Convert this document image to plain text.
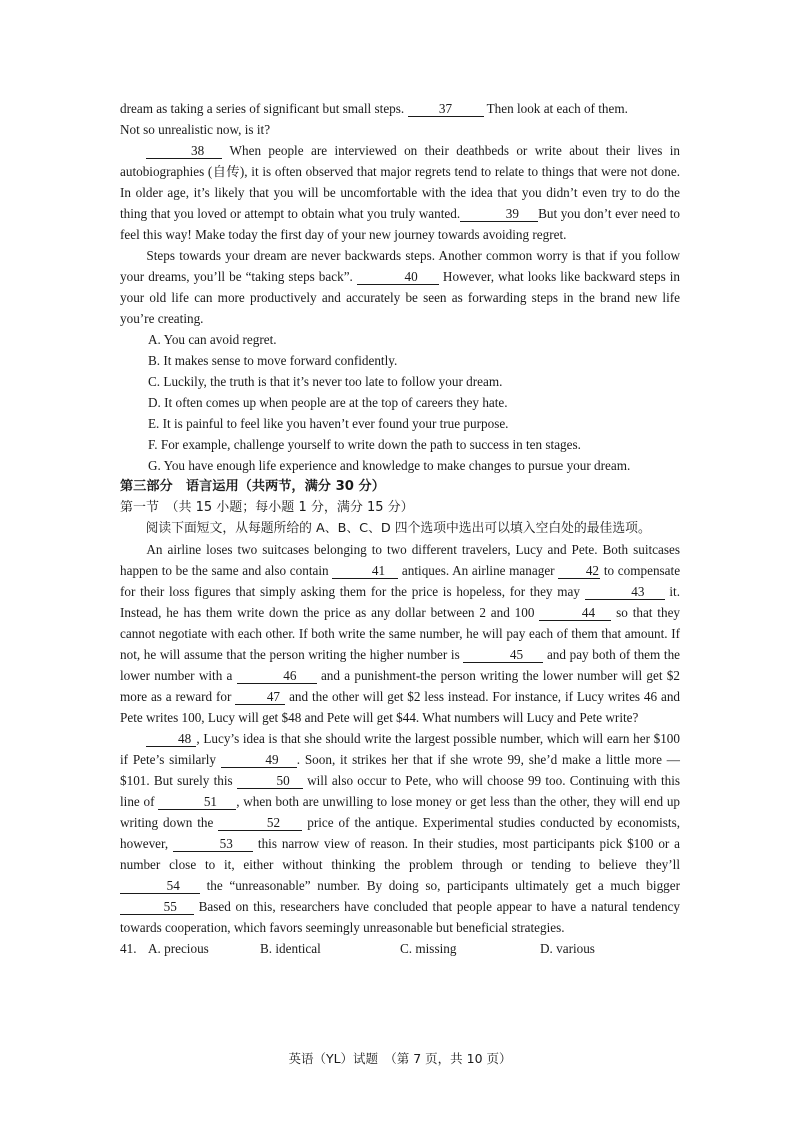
dream as taking a series of significant but small steps.	37	Then look at each of them.
Not so unrealistic now, is it?

38 When people are interviewed on their deathbeds or write about their lives in autobiographies (自传), it is often observed that major regrets tend to relate to things that were not done. In older age, it’s likely that you will be uncomfortable with the idea that you didn’t even try to do the thing that you loved or attempt to obtain what you truly wanted.	39 But you don’t ever need to feel this way! Make today the first day of your new journey towards avoiding regret.

Steps towards your dream are never backwards steps. Another common worry is that if you follow your dreams, you’ll be “taking steps back”.	40 However, what looks like backward steps in your old life can more productively and accurately be seen as forwarding steps in the brand new life you’re creating.

A. You can avoid regret.

B. It makes sense to move forward confidently.

C. Luckily, the truth is that it’s never too late to follow your dream.

D. It often comes up when people are at the top of careers they hate.

E. It is painful to feel like you haven’t ever found your true purpose.

F. For example, challenge yourself to write down the path to success in ten stages.

G. You have enough life experience and knowledge to make changes to pursue your dream.

第三部分　语言运用（共两节，满分 30 分）

第一节　（共 15 小题；每小题 1 分，满分 15 分）

阅读下面短文，从每题所给的 A、B、C、D 四个选项中选出可以填入空白处的最佳选项。

An airline loses two suitcases belonging to two different travelers, Lucy and Pete. Both suitcases happen to be the same and also contain	41 antiques. An airline manager 42 to compensate for their loss figures that simply asking them for the price is hopeless, for they may	43 it. Instead, he has them write down the price as any dollar between 2 and 100	44 so that they cannot negotiate with each other. If both write the same number, he will pay each of them that amount. If not, he will assume that the person writing the higher number is	45 and pay both of them the lower number with a	46 and a punishment-the person writing the lower number will get $2 more as a reward for	47 and the other will get $2 less instead. For instance, if Lucy writes 46 and Pete writes 100, Lucy will get $48 and Pete will get $44. What numbers will Lucy and Pete write?

48 , Lucy’s idea is that she should write the largest possible number, which will earn her $100 if Pete’s similarly	49 . Soon, it strikes her that if she wrote 99, she’d make a little more — $101. But surely this	50 will also occur to Pete, who will choose 99 too. Continuing with this line of	51 , when both are unwilling to lose money or get less than the other, they will end up writing down the	52 price of the antique. Experimental studies conducted by economists, however,	53 this narrow view of reason. In their studies, most participants pick $100 or a number close to it, either without thinking the problem through or tending to believe they’ll 54 the “unreasonable” number. By doing so, participants ultimately get a much bigger 55 Based on this, researchers have concluded that people appear to have a natural tendency towards cooperation, which favors seemingly unreasonable but beneficial strategies.

41. A. precious	B. identical	C. missing	D. various

英语（YL）试题　（第 7 页，共 10 页）
